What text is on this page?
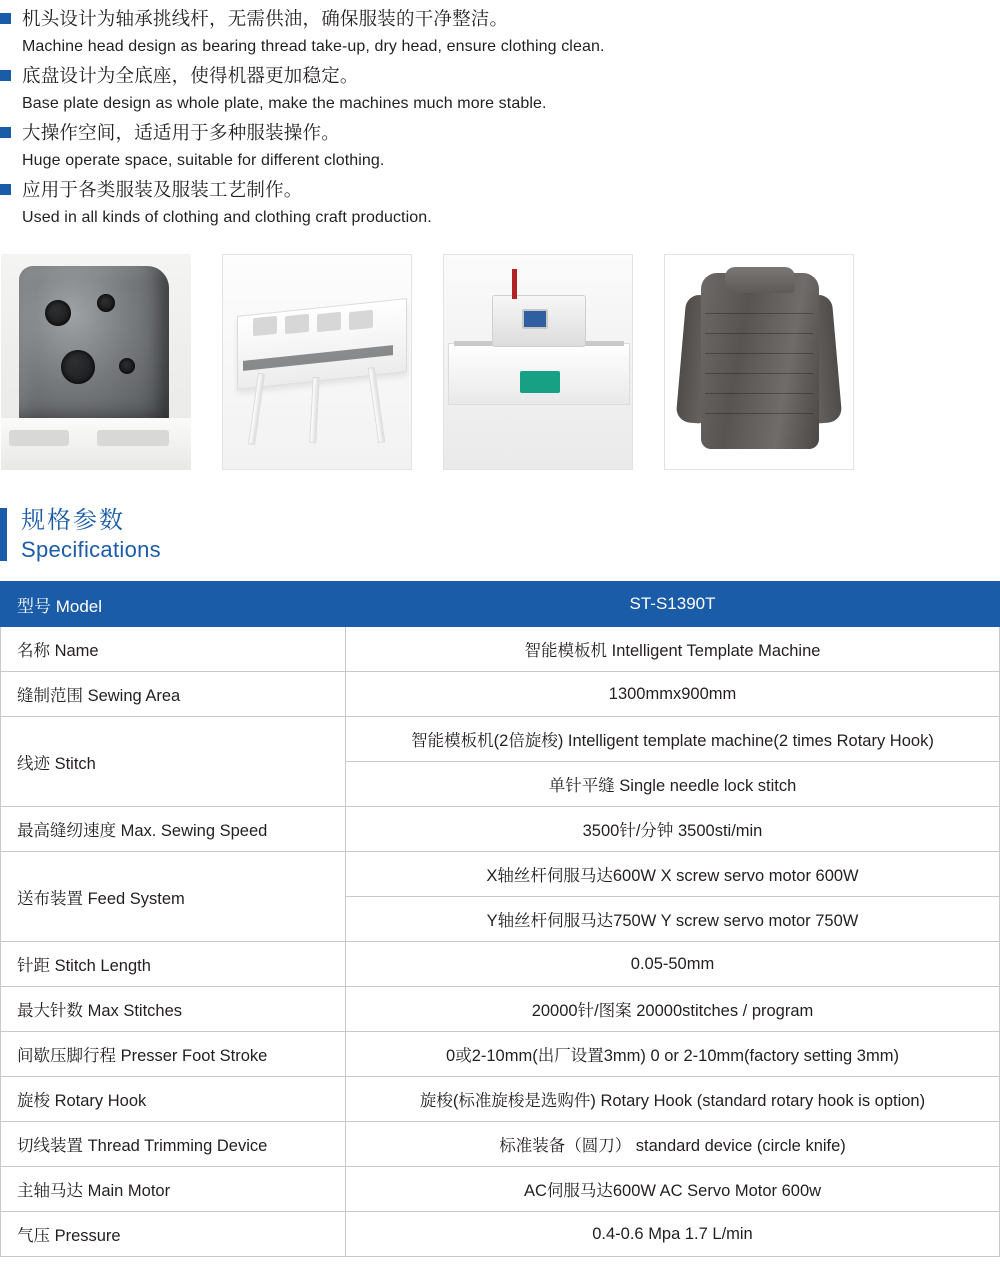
机头设计为轴承挑线杆，无需供油，确保服装的干净整洁。
Machine head design as bearing thread take-up, dry head, ensure clothing clean.
底盘设计为全底座，使得机器更加稳定。
Base plate design as whole plate, make the machines much more stable.
大操作空间，适适用于多种服装操作。
Huge operate space, suitable for different clothing.
应用于各类服装及服装工艺制作。
Used in all kinds of clothing and clothing craft production.
规格参数
Specifications
型号 Model	ST-S1390T
名称 Name	智能模板机 Intelligent Template Machine
缝制范围 Sewing Area	1300mmx900mm
线迹 Stitch	智能模板机(2倍旋梭) Intelligent template machine(2 times Rotary Hook)
	单针平缝 Single needle lock stitch
最高缝纫速度 Max. Sewing Speed	3500针/分钟 3500sti/min
送布装置 Feed System	X轴丝杆伺服马达600W X screw servo motor 600W
	Y轴丝杆伺服马达750W Y screw servo motor 750W
针距 Stitch Length	0.05-50mm
最大针数 Max Stitches	20000针/图案 20000stitches / program
间歇压脚行程 Presser Foot Stroke	0或2-10mm(出厂设置3mm) 0 or 2-10mm(factory setting 3mm)
旋梭 Rotary Hook	旋梭(标准旋梭是选购件) Rotary Hook (standard rotary hook is option)
切线装置 Thread Trimming Device	标准装备（圆刀） standard device (circle knife)
主轴马达 Main Motor	AC伺服马达600W AC Servo Motor 600w
气压 Pressure	0.4-0.6 Mpa 1.7 L/min
